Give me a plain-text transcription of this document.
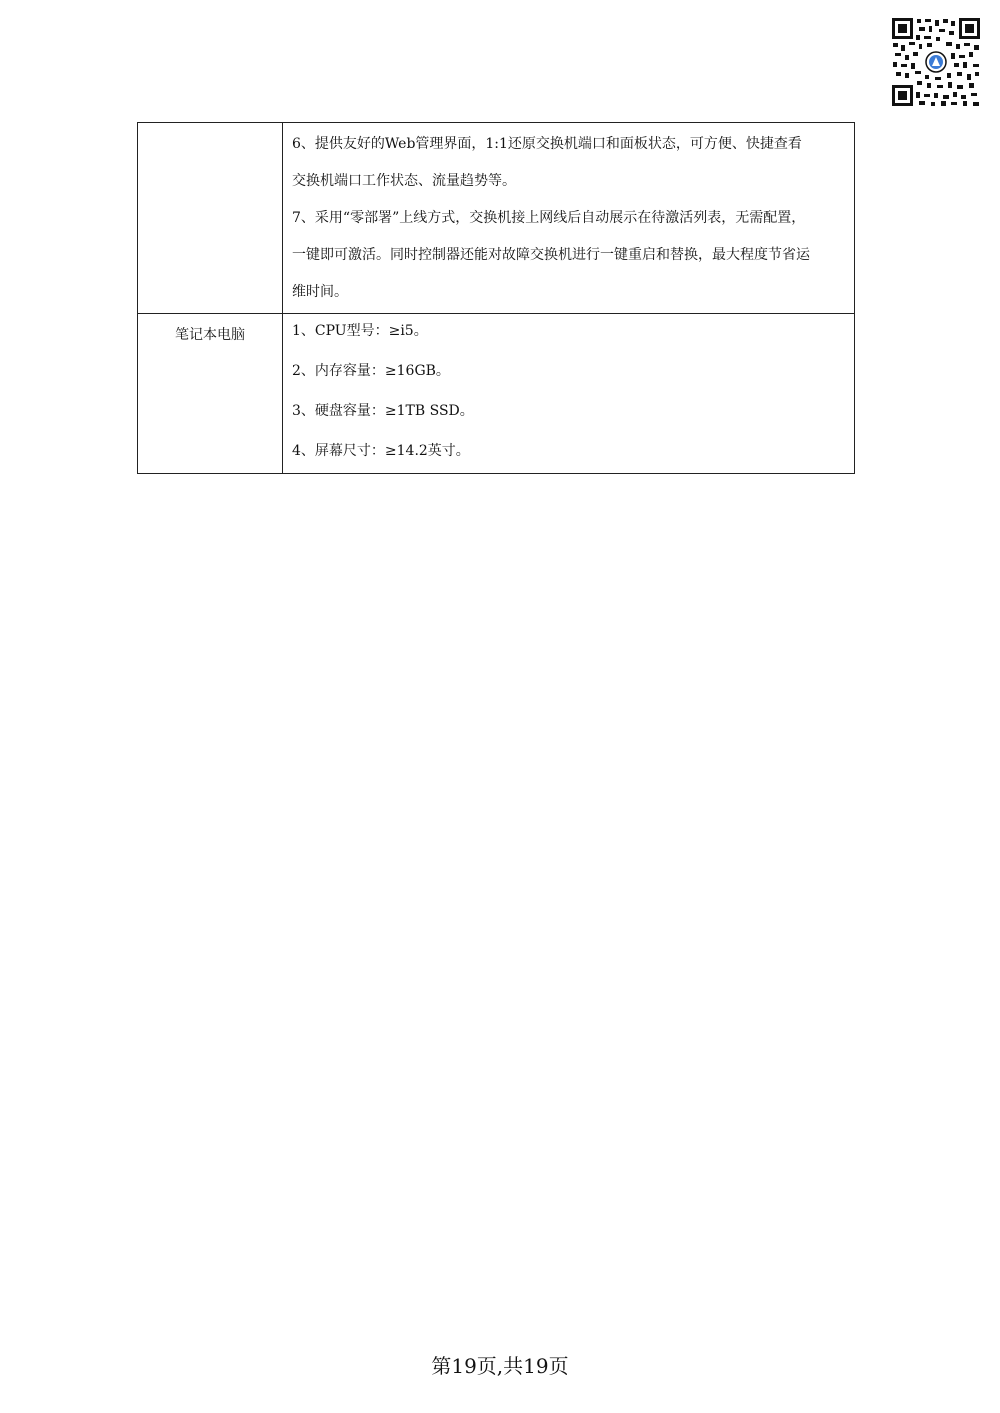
	6、提供友好的Web管理界面，1:1还原交换机端口和面板状态，可方便、快捷查看

交换机端口工作状态、流量趋势等。

7、采用“零部署”上线方式，交换机接上网线后自动展示在待激活列表，无需配置，

一键即可激活。同时控制器还能对故障交换机进行一键重启和替换，最大程度节省运

维时间。

笔记本电脑	1、CPU型号：≥i5。

2、内存容量：≥16GB。

3、硬盘容量：≥1TB SSD。

4、屏幕尺寸：≥14.2英寸。

第19页,共19页
